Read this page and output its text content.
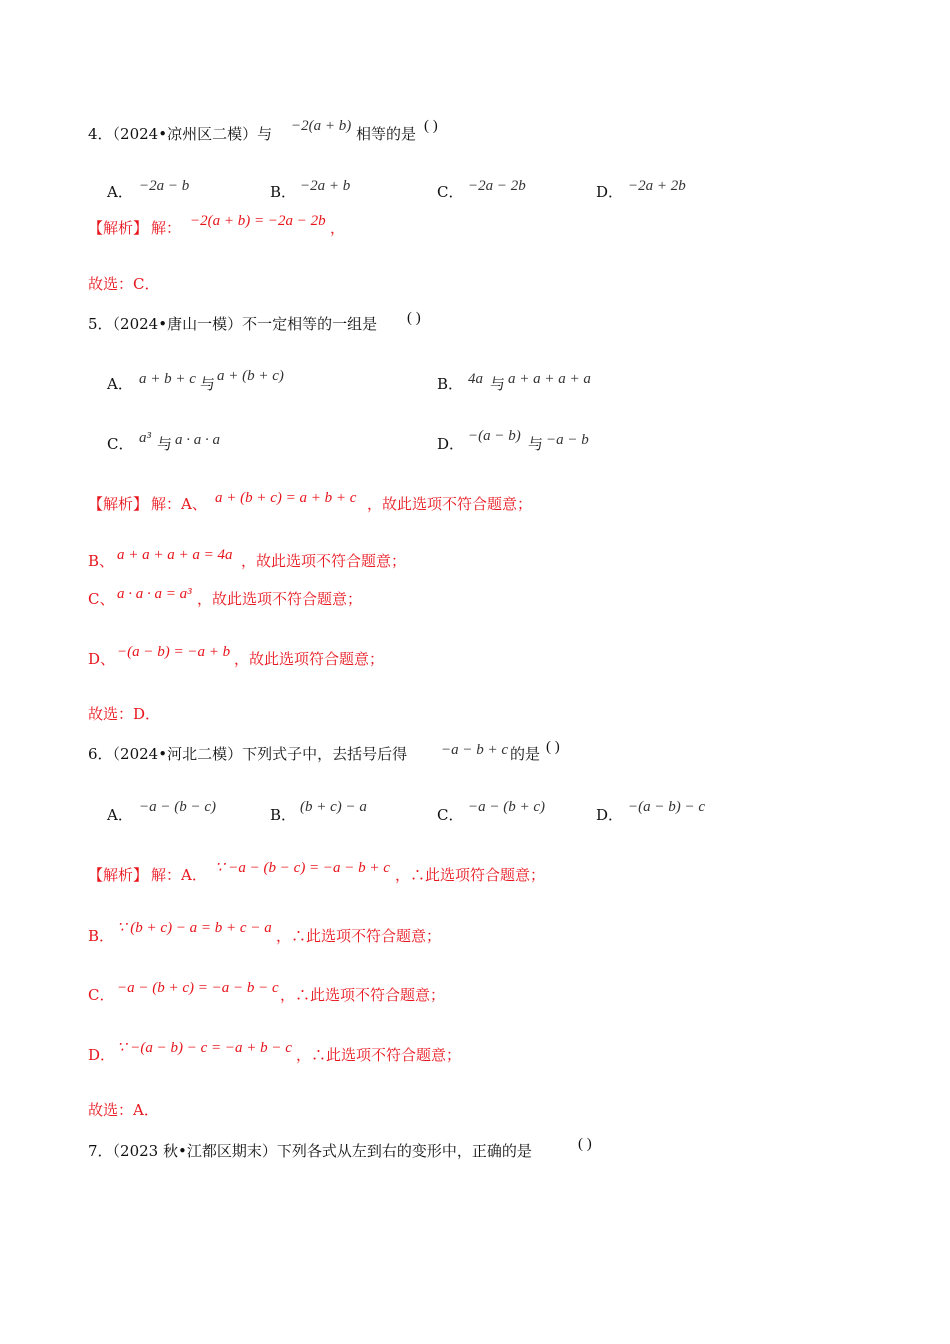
4．（2024•凉州区二模）与 −2(a + b) 相等的是 ( )
A． −2a − b	B． −2a + b	C． −2a − 2b	D． −2a + 2b
【解析】 解： −2(a + b) = −2a − 2b ，
故选：C．
5．（2024•唐山一模）不一定相等的一组是 ( )
A． a + b + c 与 a + (b + c)	B． 4a 与 a + a + a + a
C． a³ 与 a · a · a	D． −(a − b) 与 −a − b
【解析】 解：A、 a + (b + c) = a + b + c ，故此选项不符合题意；
B、 a + a + a + a = 4a ，故此选项不符合题意；
C、 a · a · a = a³ ，故此选项不符合题意；
D、 −(a − b) = −a + b ，故此选项符合题意；
故选：D．
6．（2024•河北二模）下列式子中，去括号后得 −a − b + c 的是 ( )
A． −a − (b − c)	B． (b + c) − a	C． −a − (b + c)	D． −(a − b) − c
【解析】 解：A． ∵ −a − (b − c) = −a − b + c ，∴此选项符合题意；
B． ∵ (b + c) − a = b + c − a ，∴此选项不符合题意；
C． −a − (b + c) = −a − b − c ，∴此选项不符合题意；
D． ∵ −(a − b) − c = −a + b − c ，∴此选项不符合题意；
故选：A．
7．（2023 秋•江都区期末）下列各式从左到右的变形中，正确的是	( )
